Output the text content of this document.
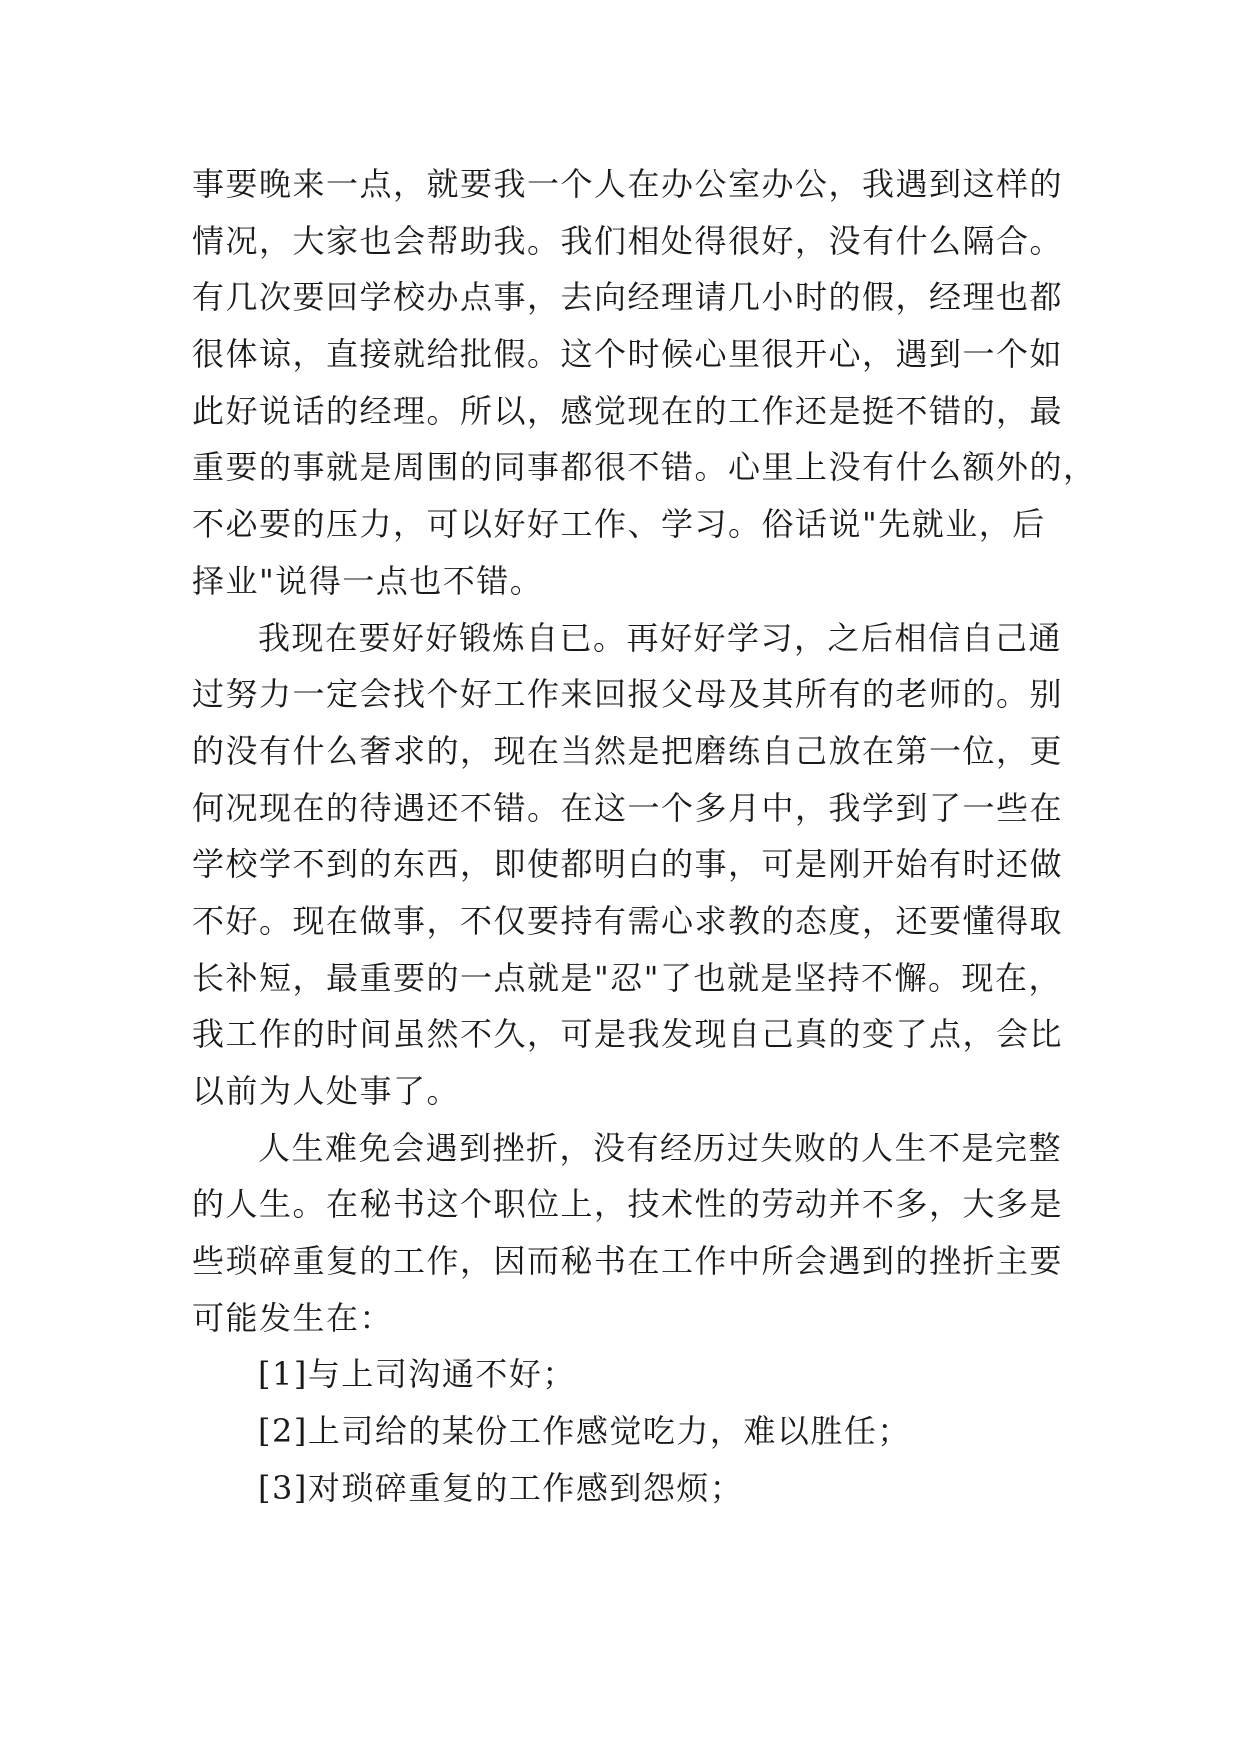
事要晚来一点，就要我一个人在办公室办公，我遇到这样的
情况，大家也会帮助我。我们相处得很好，没有什么隔合。
有几次要回学校办点事，去向经理请几小时的假，经理也都
很体谅，直接就给批假。这个时候心里很开心，遇到一个如
此好说话的经理。所以，感觉现在的工作还是挺不错的，最
重要的事就是周围的同事都很不错。心里上没有什么额外的，
不必要的压力，可以好好工作、学习。俗话说"先就业，后
择业"说得一点也不错。
我现在要好好锻炼自已。再好好学习，之后相信自己通
过努力一定会找个好工作来回报父母及其所有的老师的。别
的没有什么奢求的，现在当然是把磨练自己放在第一位，更
何况现在的待遇还不错。在这一个多月中，我学到了一些在
学校学不到的东西，即使都明白的事，可是刚开始有时还做
不好。现在做事，不仅要持有需心求教的态度，还要懂得取
长补短，最重要的一点就是"忍"了也就是坚持不懈。现在，
我工作的时间虽然不久，可是我发现自己真的变了点，会比
以前为人处事了。
人生难免会遇到挫折，没有经历过失败的人生不是完整
的人生。在秘书这个职位上，技术性的劳动并不多，大多是
些琐碎重复的工作，因而秘书在工作中所会遇到的挫折主要
可能发生在：
[1]与上司沟通不好；
[2]上司给的某份工作感觉吃力，难以胜任；
[3]对琐碎重复的工作感到怨烦；
